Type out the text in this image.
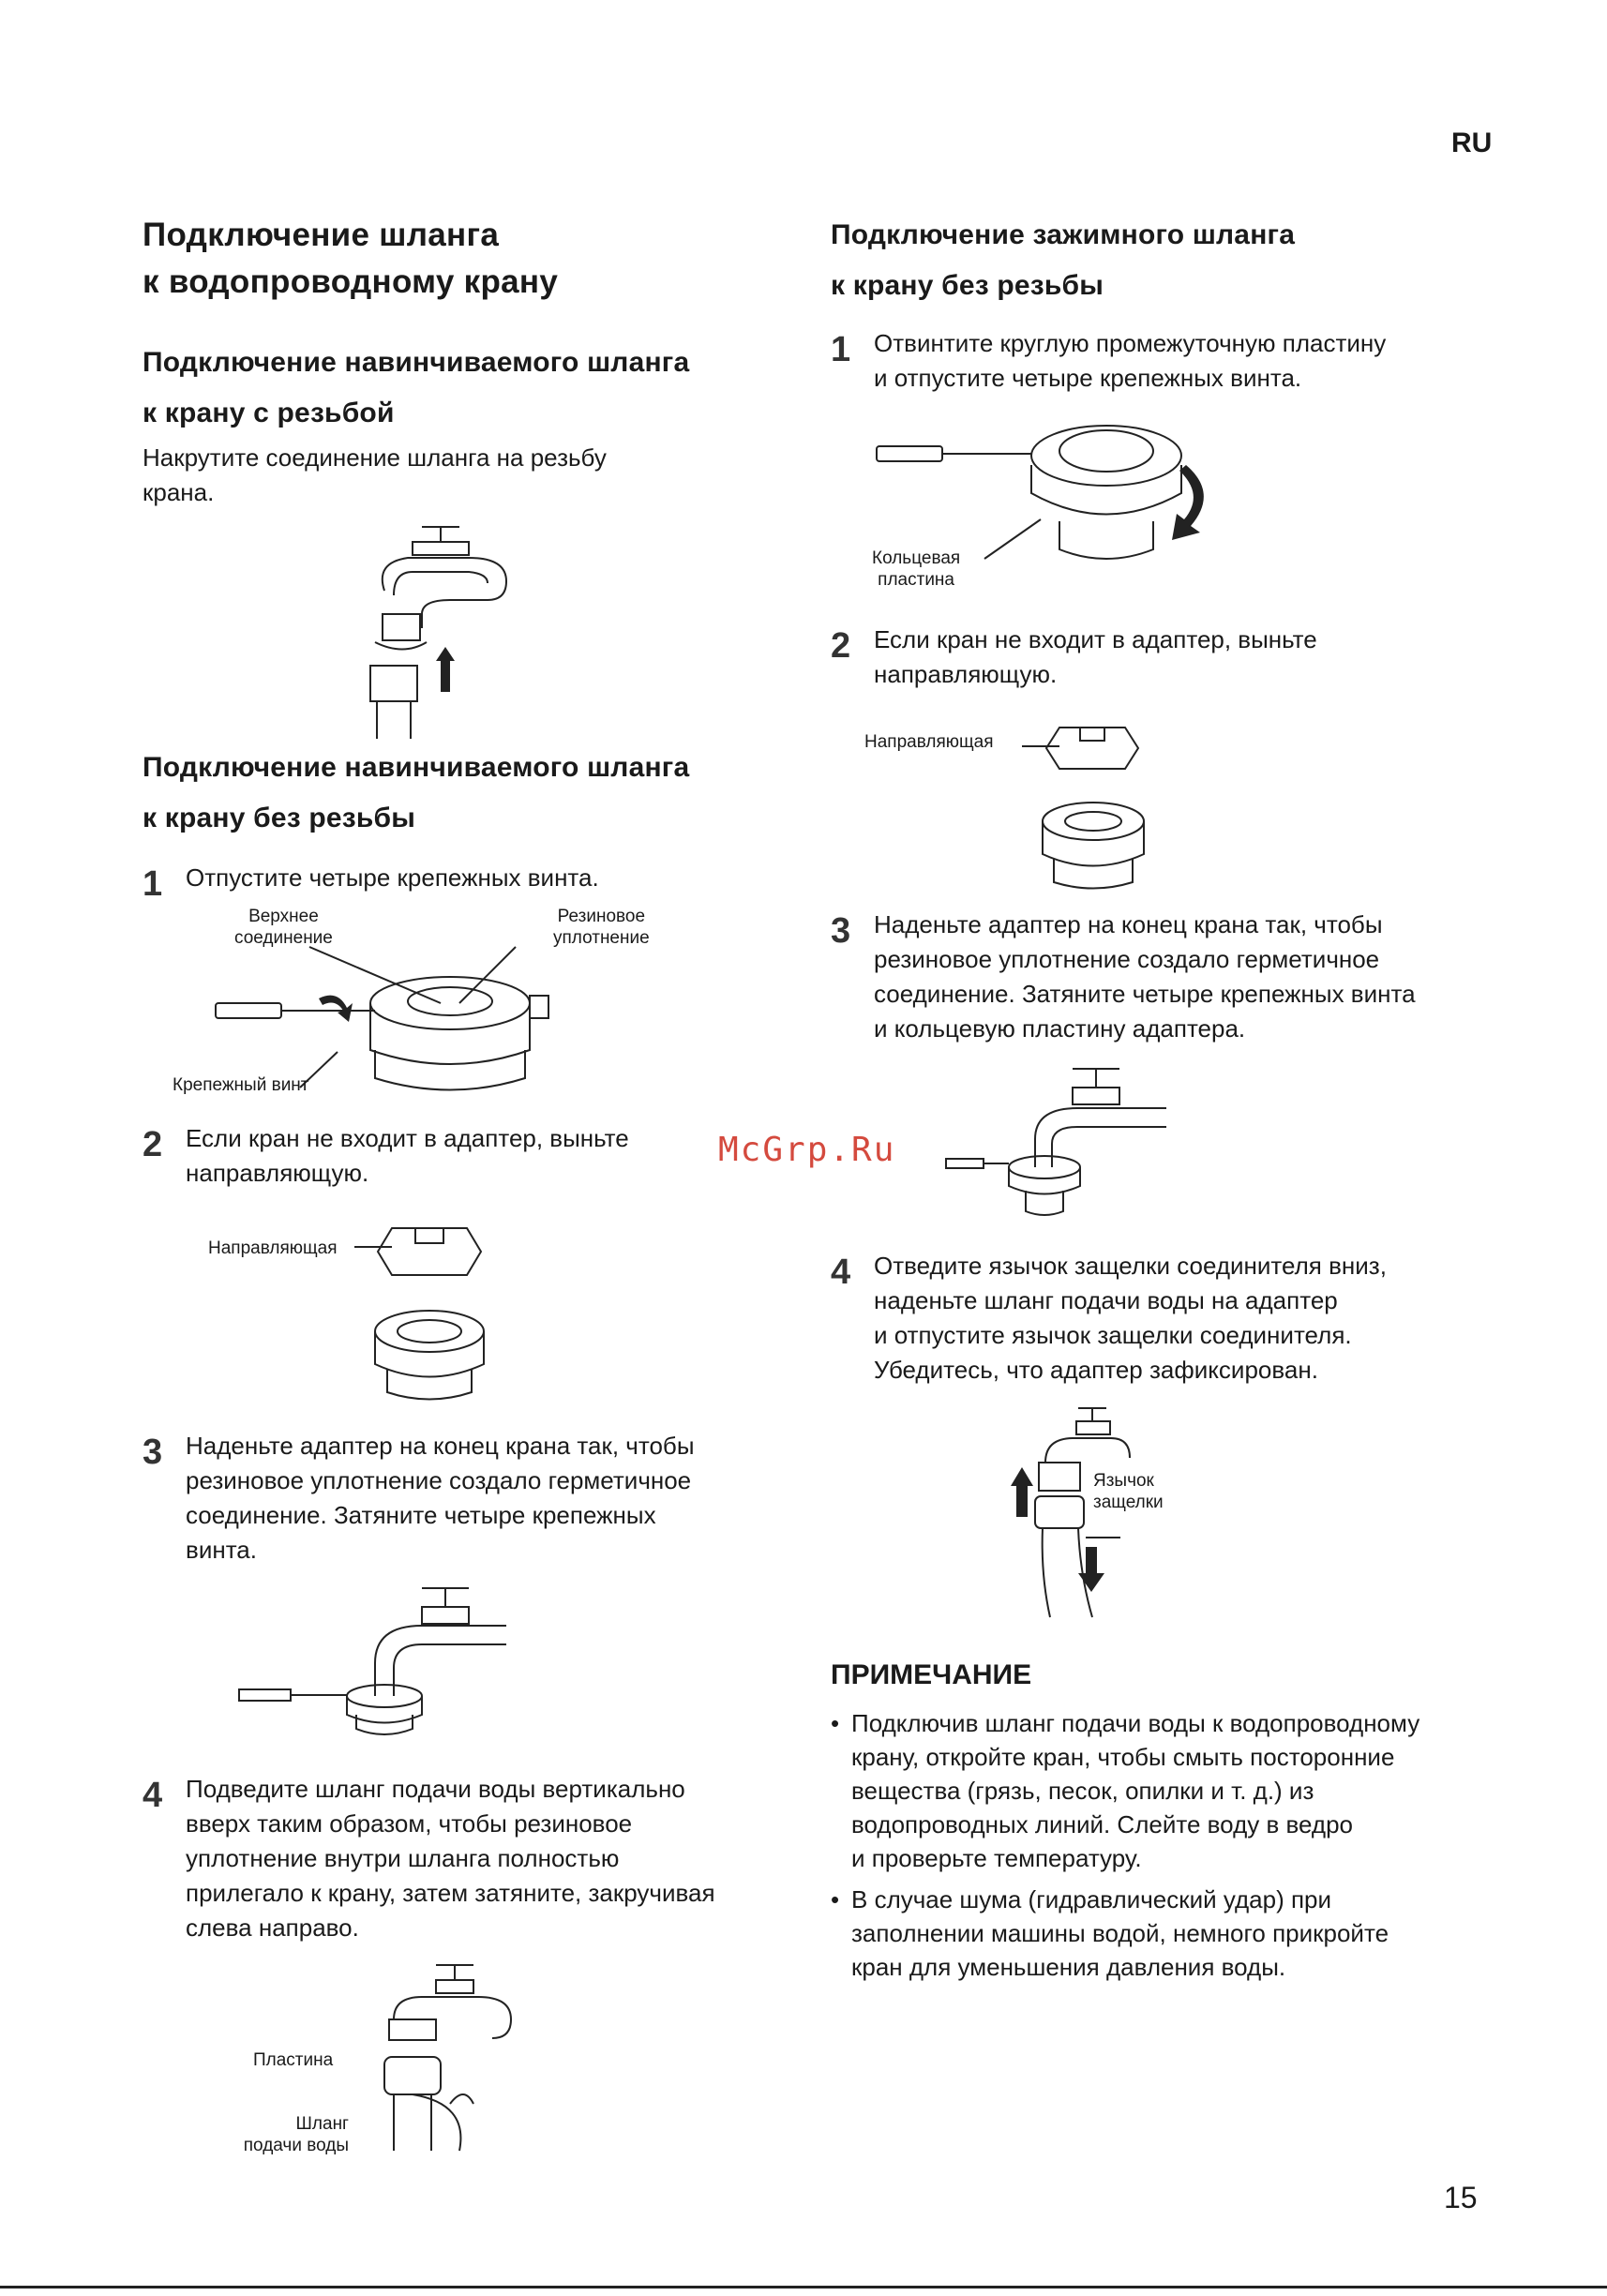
RU
Подключение шланга
к водопроводному крану
Подключение навинчиваемого шланга
к крану с резьбой
Накрутите соединение шланга на резьбу
крана.
Подключение навинчиваемого шланга
к крану без резьбы
1 Отпустите четыре крепежных винта.
Верхнее
соединение
Резиновое
уплотнение
Крепежный винт
2 Если кран не входит в адаптер, выньте
направляющую.
Направляющая
3 Наденьте адаптер на конец крана так, чтобы
резиновое уплотнение создало герметичное
соединение. Затяните четыре крепежных
винта.
4 Подведите шланг подачи воды вертикально
вверх таким образом, чтобы резиновое
уплотнение внутри шланга полностью
прилегало к крану, затем затяните, закручивая
слева направо.
Пластина
Шланг
подачи воды
Подключение зажимного шланга
к крану без резьбы
1 Отвинтите круглую промежуточную пластину
и отпустите четыре крепежных винта.
Кольцевая
пластина
2 Если кран не входит в адаптер, выньте
направляющую.
Направляющая
3 Наденьте адаптер на конец крана так, чтобы
резиновое уплотнение создало герметичное
соединение. Затяните четыре крепежных винта
и кольцевую пластину адаптера.
4 Отведите язычок защелки соединителя вниз,
наденьте шланг подачи воды на адаптер
и отпустите язычок защелки соединителя.
Убедитесь, что адаптер зафиксирован.
Язычок
защелки
ПРИМЕЧАНИЕ
• Подключив шланг подачи воды к водопроводному
крану, откройте кран, чтобы смыть посторонние
вещества (грязь, песок, опилки и т. д.) из
водопроводных линий. Слейте воду в ведро
и проверьте температуру.
• В случае шума (гидравлический удар) при
заполнении машины водой, немного прикройте
кран для уменьшения давления воды.
McGrp.Ru
15
